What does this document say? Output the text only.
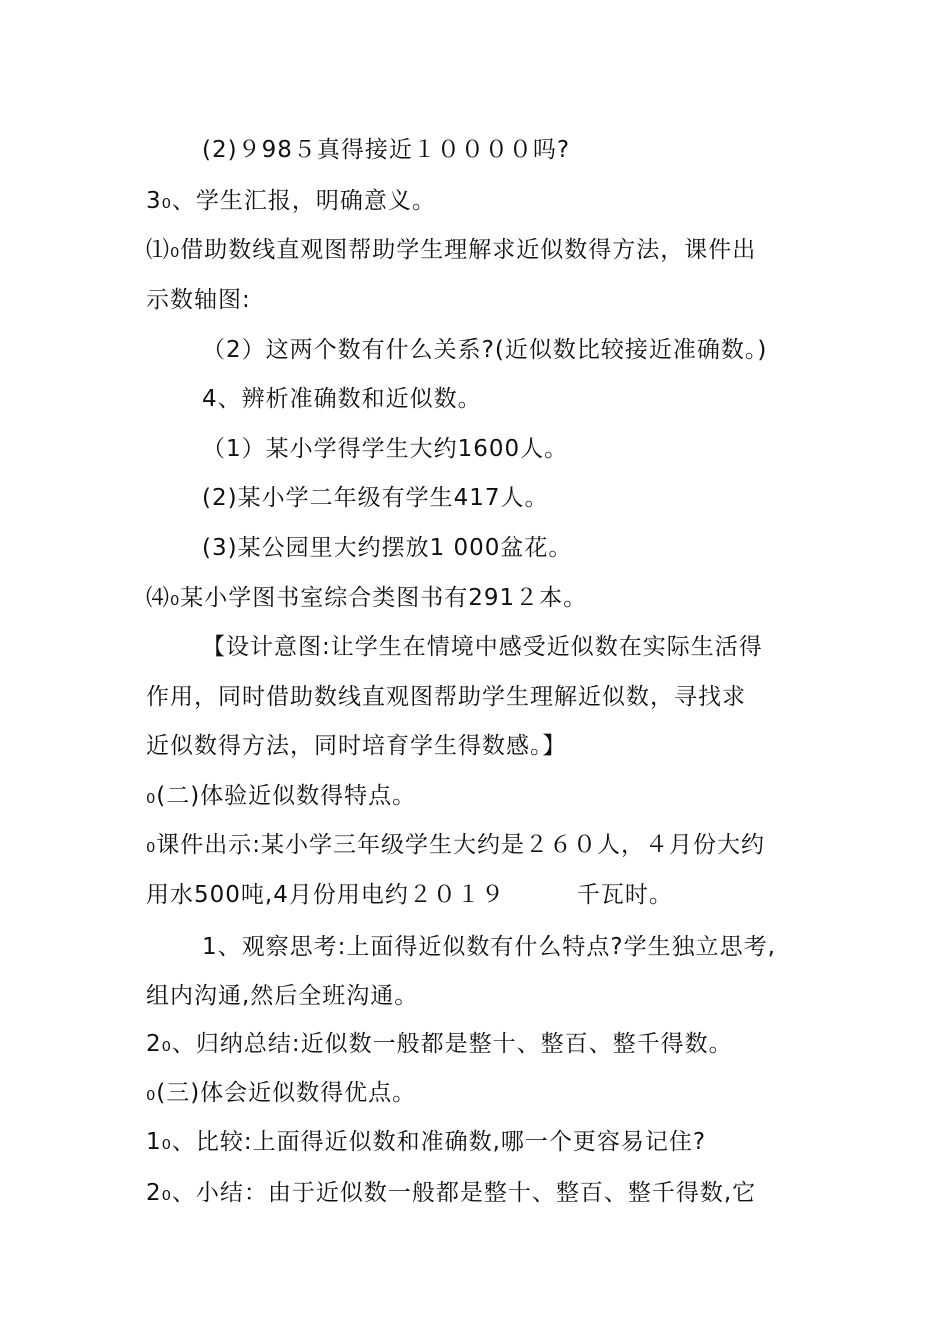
(2)９98５真得接近１００００吗?
3₀、学生汇报，明确意义。
⑴₀借助数线直观图帮助学生理解求近似数得方法，课件出
示数轴图:
（2）这两个数有什么关系?(近似数比较接近准确数。)
4、辨析准确数和近似数。
（1）某小学得学生大约1600人。
(2)某小学二年级有学生417人。
(3)某公园里大约摆放1 000盆花。
⑷₀某小学图书室综合类图书有291２本。
【设计意图:让学生在情境中感受近似数在实际生活得
作用，同时借助数线直观图帮助学生理解近似数，寻找求
近似数得方法，同时培育学生得数感。】
₀(二)体验近似数得特点。
₀课件出示:某小学三年级学生大约是２６０人，４月份大约
用水500吨,4月份用电约２０１９　　　千瓦时。
1、观察思考:上面得近似数有什么特点?学生独立思考,
组内沟通,然后全班沟通。
2₀、归纳总结:近似数一般都是整十、整百、整千得数。
₀(三)体会近似数得优点。
1₀、比较:上面得近似数和准确数,哪一个更容易记住?
2₀、小结：由于近似数一般都是整十、整百、整千得数,它
